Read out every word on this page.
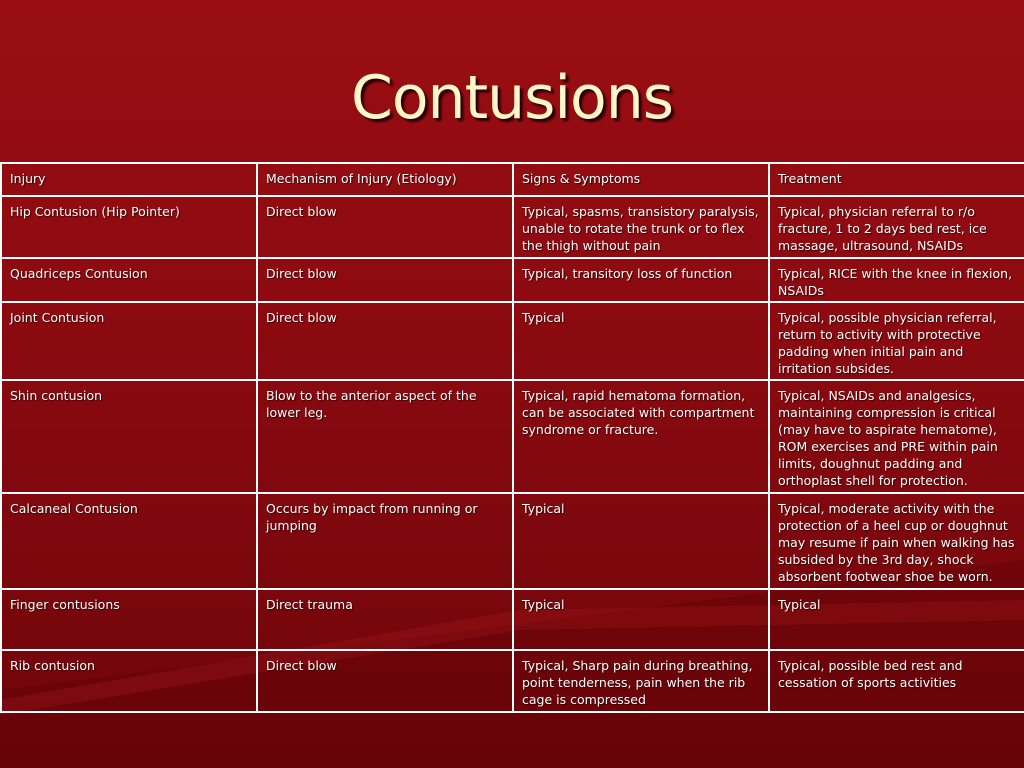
Contusions
Injury	Mechanism of Injury (Etiology)	Signs & Symptoms	Treatment
Hip Contusion (Hip Pointer)	Direct blow	Typical, spasms, transistory paralysis, unable to rotate the trunk or to flex the thigh without pain	Typical, physician referral to r/o fracture, 1 to 2 days bed rest, ice massage, ultrasound, NSAIDs
Quadriceps Contusion	Direct blow	Typical, transitory loss of function	Typical, RICE with the knee in flexion, NSAIDs
Joint Contusion	Direct blow	Typical	Typical, possible physician referral, return to activity with protective padding when initial pain and irritation subsides.
Shin contusion	Blow to the anterior aspect of the lower leg.	Typical, rapid hematoma formation, can be associated with compartment syndrome or fracture.	Typical, NSAIDs and analgesics, maintaining compression is critical (may have to aspirate hematome), ROM exercises and PRE within pain limits, doughnut padding and orthoplast shell for protection.
Calcaneal Contusion	Occurs by impact from running or jumping	Typical	Typical, moderate activity with the protection of a heel cup or doughnut may resume if pain when walking has subsided by the 3rd day, shock absorbent footwear shoe be worn.
Finger contusions	Direct trauma	Typical	Typical
Rib contusion	Direct blow	Typical, Sharp pain during breathing, point tenderness, pain when the rib cage is compressed	Typical, possible bed rest and cessation of sports activities
